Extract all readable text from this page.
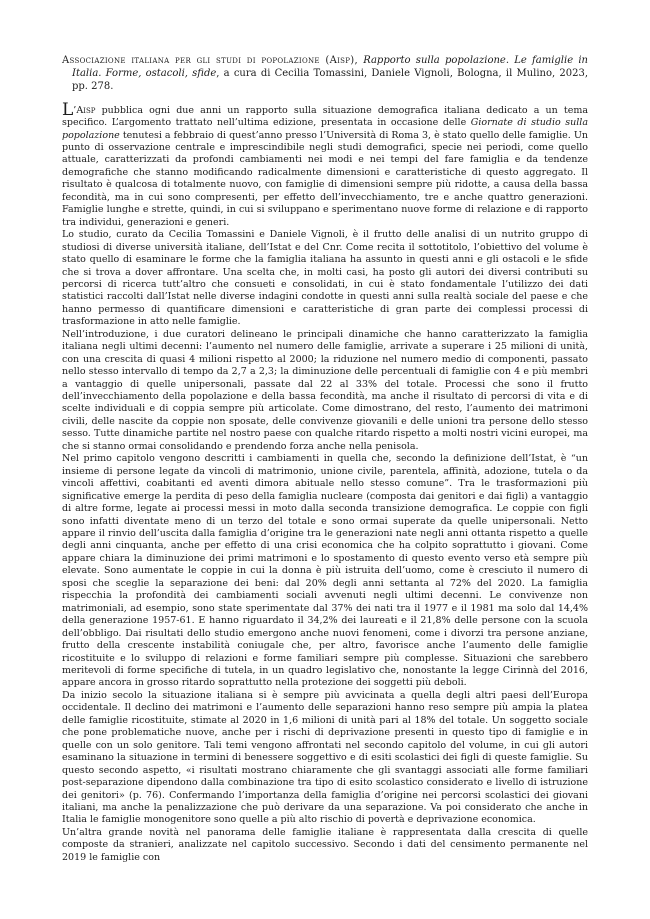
Associazione italiana per gli studi di popolazione (Aisp), Rapporto sulla popolazione. Le famiglie in Italia. Forme, ostacoli, sfide, a cura di Cecilia Tomassini, Daniele Vignoli, Bologna, il Mulino, 2023, pp. 278.

L’Aisp pubblica ogni due anni un rapporto sulla situazione demografica italiana dedicato a un tema specifico. L’argomento trattato nell’ultima edizione, presentata in occasione delle Giornate di studio sulla popolazione tenutesi a febbraio di quest’anno presso l’Università di Roma 3, è stato quello delle famiglie. Un punto di osservazione centrale e imprescindibile negli studi demografici, specie nei periodi, come quello attuale, caratterizzati da profondi cambiamenti nei modi e nei tempi del fare famiglia e da tendenze demografiche che stanno modificando radicalmente dimensioni e caratteristiche di questo aggregato. Il risultato è qualcosa di totalmente nuovo, con famiglie di dimensioni sempre più ridotte, a causa della bassa fecondità, ma in cui sono compresenti, per effetto dell’invecchiamento, tre e anche quattro generazioni. Famiglie lunghe e strette, quindi, in cui si sviluppano e sperimentano nuove forme di relazione e di rapporto tra individui, generazioni e generi.

Lo studio, curato da Cecilia Tomassini e Daniele Vignoli, è il frutto delle analisi di un nutrito gruppo di studiosi di diverse università italiane, dell’Istat e del Cnr. Come recita il sottotitolo, l’obiettivo del volume è stato quello di esaminare le forme che la famiglia italiana ha assunto in questi anni e gli ostacoli e le sfide che si trova a dover affrontare. Una scelta che, in molti casi, ha posto gli autori dei diversi contributi su percorsi di ricerca tutt’altro che consueti e consolidati, in cui è stato fondamentale l’utilizzo dei dati statistici raccolti dall’Istat nelle diverse indagini condotte in questi anni sulla realtà sociale del paese e che hanno permesso di quantificare dimensioni e caratteristiche di gran parte dei complessi processi di trasformazione in atto nelle famiglie.

Nell’introduzione, i due curatori delineano le principali dinamiche che hanno caratterizzato la famiglia italiana negli ultimi decenni: l’aumento nel numero delle famiglie, arrivate a superare i 25 milioni di unità, con una crescita di quasi 4 milioni rispetto al 2000; la riduzione nel numero medio di componenti, passato nello stesso intervallo di tempo da 2,7 a 2,3; la diminuzione delle percentuali di famiglie con 4 e più membri a vantaggio di quelle unipersonali, passate dal 22 al 33% del totale. Processi che sono il frutto dell’invecchiamento della popolazione e della bassa fecondità, ma anche il risultato di percorsi di vita e di scelte individuali e di coppia sempre più articolate. Come dimostrano, del resto, l’aumento dei matrimoni civili, delle nascite da coppie non sposate, delle convivenze giovanili e delle unioni tra persone dello stesso sesso. Tutte dinamiche partite nel nostro paese con qualche ritardo rispetto a molti nostri vicini europei, ma che si stanno ormai consolidando e prendendo forza anche nella penisola.

Nel primo capitolo vengono descritti i cambiamenti in quella che, secondo la definizione dell’Istat, è “un insieme di persone legate da vincoli di matrimonio, unione civile, parentela, affinità, adozione, tutela o da vincoli affettivi, coabitanti ed aventi dimora abituale nello stesso comune”. Tra le trasformazioni più significative emerge la perdita di peso della famiglia nucleare (composta dai genitori e dai figli) a vantaggio di altre forme, legate ai processi messi in moto dalla seconda transizione demografica. Le coppie con figli sono infatti diventate meno di un terzo del totale e sono ormai superate da quelle unipersonali. Netto appare il rinvio dell’uscita dalla famiglia d’origine tra le generazioni nate negli anni ottanta rispetto a quelle degli anni cinquanta, anche per effetto di una crisi economica che ha colpito soprattutto i giovani. Come appare chiara la diminuzione dei primi matrimoni e lo spostamento di questo evento verso età sempre più elevate. Sono aumentate le coppie in cui la donna è più istruita dell’uomo, come è cresciuto il numero di sposi che sceglie la separazione dei beni: dal 20% degli anni settanta al 72% del 2020. La famiglia rispecchia la profondità dei cambiamenti sociali avvenuti negli ultimi decenni. Le convivenze non matrimoniali, ad esempio, sono state sperimentate dal 37% dei nati tra il 1977 e il 1981 ma solo dal 14,4% della generazione 1957-61. E hanno riguardato il 34,2% dei laureati e il 21,8% delle persone con la scuola dell’obbligo. Dai risultati dello studio emergono anche nuovi fenomeni, come i divorzi tra persone anziane, frutto della crescente instabilità coniugale che, per altro, favorisce anche l’aumento delle famiglie ricostituite e lo sviluppo di relazioni e forme familiari sempre più complesse. Situazioni che sarebbero meritevoli di forme specifiche di tutela, in un quadro legislativo che, nonostante la legge Cirinnà del 2016, appare ancora in grosso ritardo soprattutto nella protezione dei soggetti più deboli.

Da inizio secolo la situazione italiana si è sempre più avvicinata a quella degli altri paesi dell’Europa occidentale. Il declino dei matrimoni e l’aumento delle separazioni hanno reso sempre più ampia la platea delle famiglie ricostituite, stimate al 2020 in 1,6 milioni di unità pari al 18% del totale. Un soggetto sociale che pone problematiche nuove, anche per i rischi di deprivazione presenti in questo tipo di famiglie e in quelle con un solo genitore. Tali temi vengono affrontati nel secondo capitolo del volume, in cui gli autori esaminano la situazione in termini di benessere soggettivo e di esiti scolastici dei figli di queste famiglie. Su questo secondo aspetto, «i risultati mostrano chiaramente che gli svantaggi associati alle forme familiari post-separazione dipendono dalla combinazione tra tipo di esito scolastico considerato e livello di istruzione dei genitori» (p. 76). Confermando l’importanza della famiglia d’origine nei percorsi scolastici dei giovani italiani, ma anche la penalizzazione che può derivare da una separazione. Va poi considerato che anche in Italia le famiglie monogenitore sono quelle a più alto rischio di povertà e deprivazione economica.

Un’altra grande novità nel panorama delle famiglie italiane è rappresentata dalla crescita di quelle composte da stranieri, analizzate nel capitolo successivo. Secondo i dati del censimento permanente nel 2019 le famiglie con
